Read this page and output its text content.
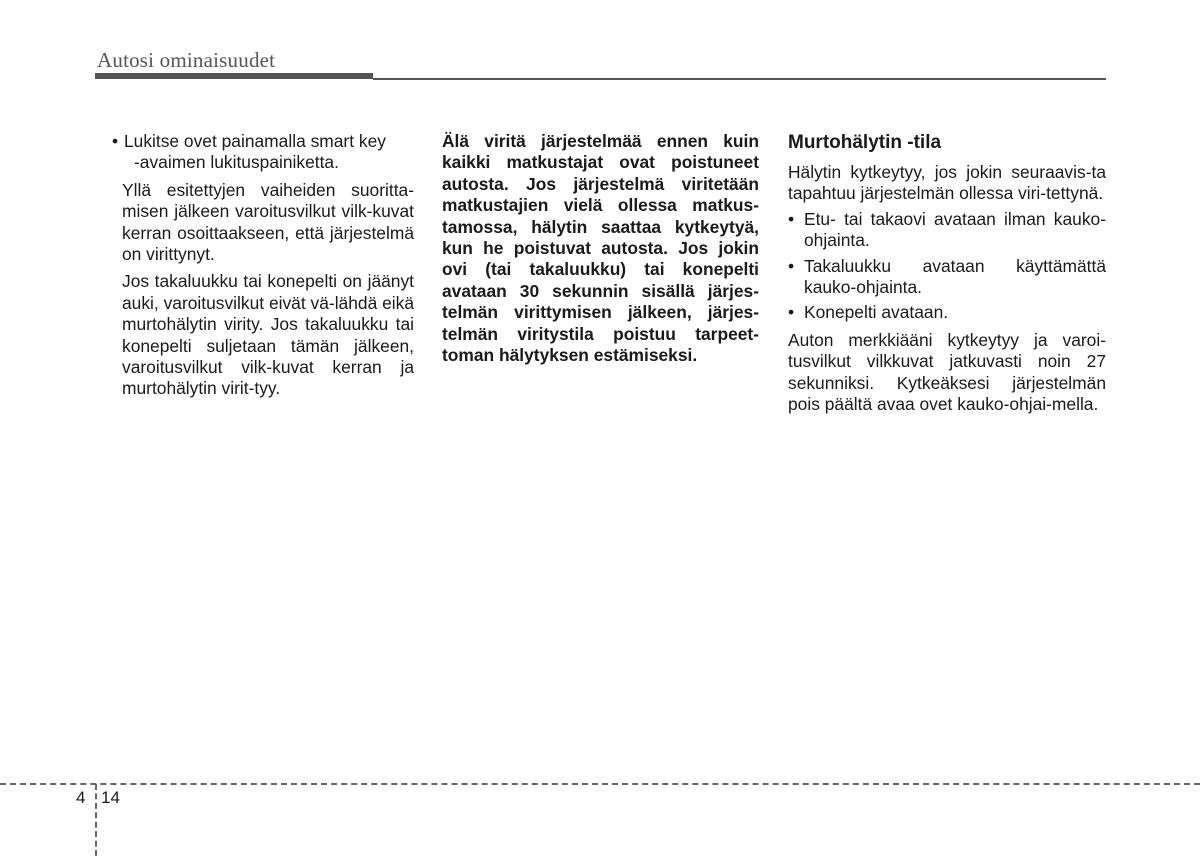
Autosi ominaisuudet

• Lukitse ovet painamalla smart key
-avaimen lukituspainiketta.

Yllä esitettyjen vaiheiden suoritta-misen jälkeen varoitusvilkut vilk-kuvat kerran osoittaakseen, että järjestelmä on virittynyt.

Jos takaluukku tai konepelti on jäänyt auki, varoitusvilkut eivät vä-lähdä eikä murtohälytin virity. Jos takaluukku tai konepelti suljetaan tämän jälkeen, varoitusvilkut vilk-kuvat kerran ja murtohälytin virit-tyy.

Älä viritä järjestelmää ennen kuin kaikki matkustajat ovat poistuneet autosta. Jos järjestelmä viritetään matkustajien vielä ollessa matkus-tamossa, hälytin saattaa kytkeytyä, kun he poistuvat autosta. Jos jokin ovi (tai takaluukku) tai konepelti avataan 30 sekunnin sisällä järjes-telmän virittymisen jälkeen, järjes-telmän viritystila poistuu tarpeet-toman hälytyksen estämiseksi.

Murtohälytin -tila

Hälytin kytkeytyy, jos jokin seuraavis-ta tapahtuu järjestelmän ollessa viri-tettynä.

• Etu- tai takaovi avataan ilman kauko-ohjainta.

• Takaluukku avataan käyttämättä kauko-ohjainta.

• Konepelti avataan.

Auton merkkiääni kytkeytyy ja varoi-tusvilkut vilkkuvat jatkuvasti noin 27 sekunniksi. Kytkeäksesi järjestelmän pois päältä avaa ovet kauko-ohjai-mella.

4 14
